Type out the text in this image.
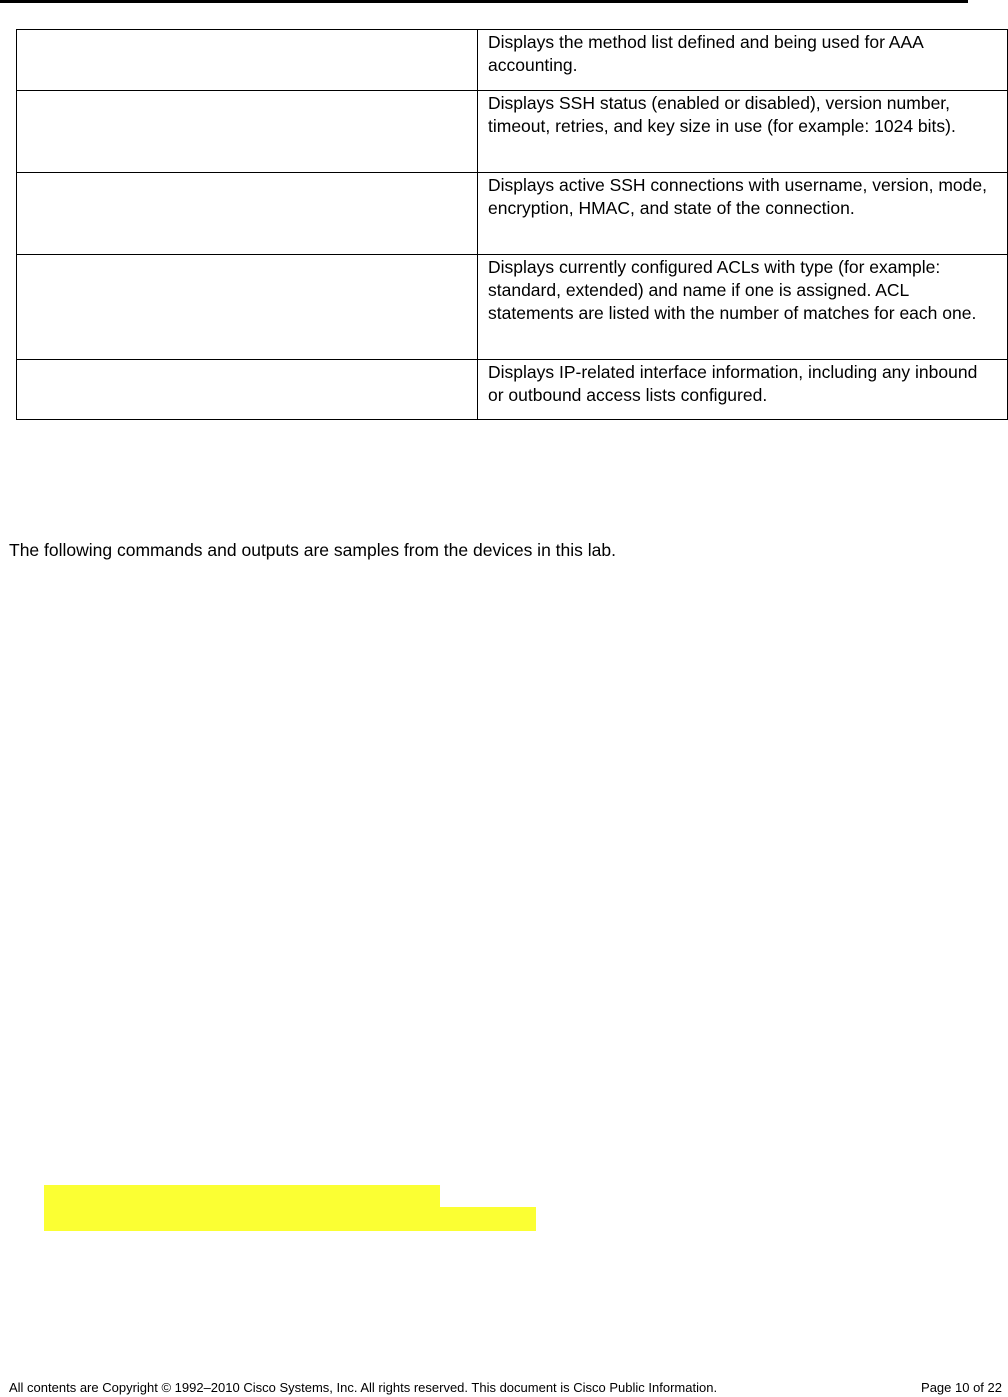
	Displays the method list defined and being used for AAA accounting.
	Displays SSH status (enabled or disabled), version number, timeout, retries, and key size in use (for example: 1024 bits).
	Displays active SSH connections with username, version, mode, encryption, HMAC, and state of the connection.
	Displays currently configured ACLs with type (for example: standard, extended) and name if one is assigned. ACL statements are listed with the number of matches for each one.
	Displays IP-related interface information, including any inbound or outbound access lists configured.
The following commands and outputs are samples from the devices in this lab.
All contents are Copyright © 1992–2010 Cisco Systems, Inc. All rights reserved. This document is Cisco Public Information.	Page 10 of 22
